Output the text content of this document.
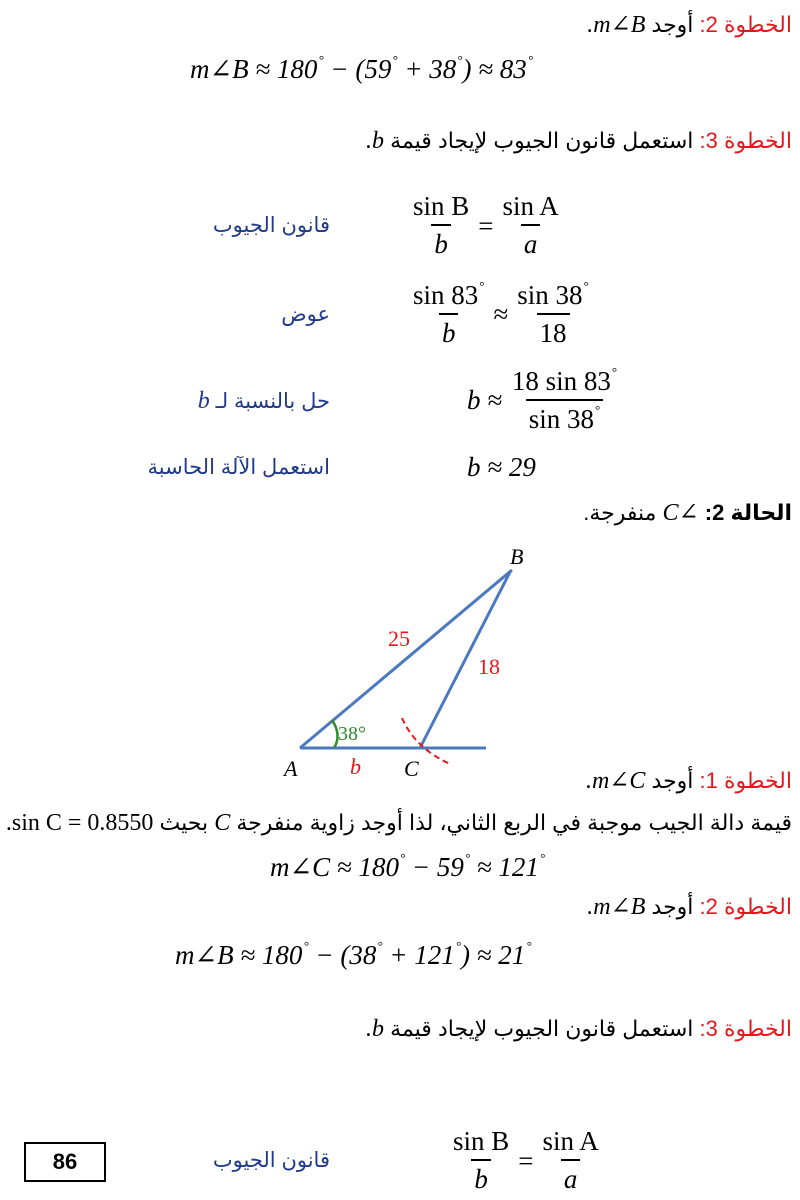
الخطوة 2: أوجد m∠B.
m∠B ≈ 180° − (59° + 38°) ≈ 83°
الخطوة 3: استعمل قانون الجيوب لإيجاد قيمة b.
قانون الجيوب	$\frac{\text{sin B}}{b} = \frac{\text{sin A}}{a}$
عوض	$\frac{\sin 83^\circ}{b} \approx \frac{\sin 38^\circ}{18}$
حل بالنسبة لـ b	$b \approx \frac{18 \sin 83^\circ}{\sin 38^\circ}$
استعمل الآلة الحاسبة	b ≈ 29
الحالة 2: ∠C منفرجة.
B
A	C
25
18
b
38°
الخطوة 1: أوجد m∠C.
قيمة دالة الجيب موجبة في الربع الثاني، لذا أوجد زاوية منفرجة C بحيث sin C = 0.8550.
m∠C ≈ 180° − 59° ≈ 121°
الخطوة 2: أوجد m∠B.
m∠B ≈ 180° − (38° + 121°) ≈ 21°
الخطوة 3: استعمل قانون الجيوب لإيجاد قيمة b.
قانون الجيوب	$\frac{\text{sin B}}{b} = \frac{\text{sin A}}{a}$
86
